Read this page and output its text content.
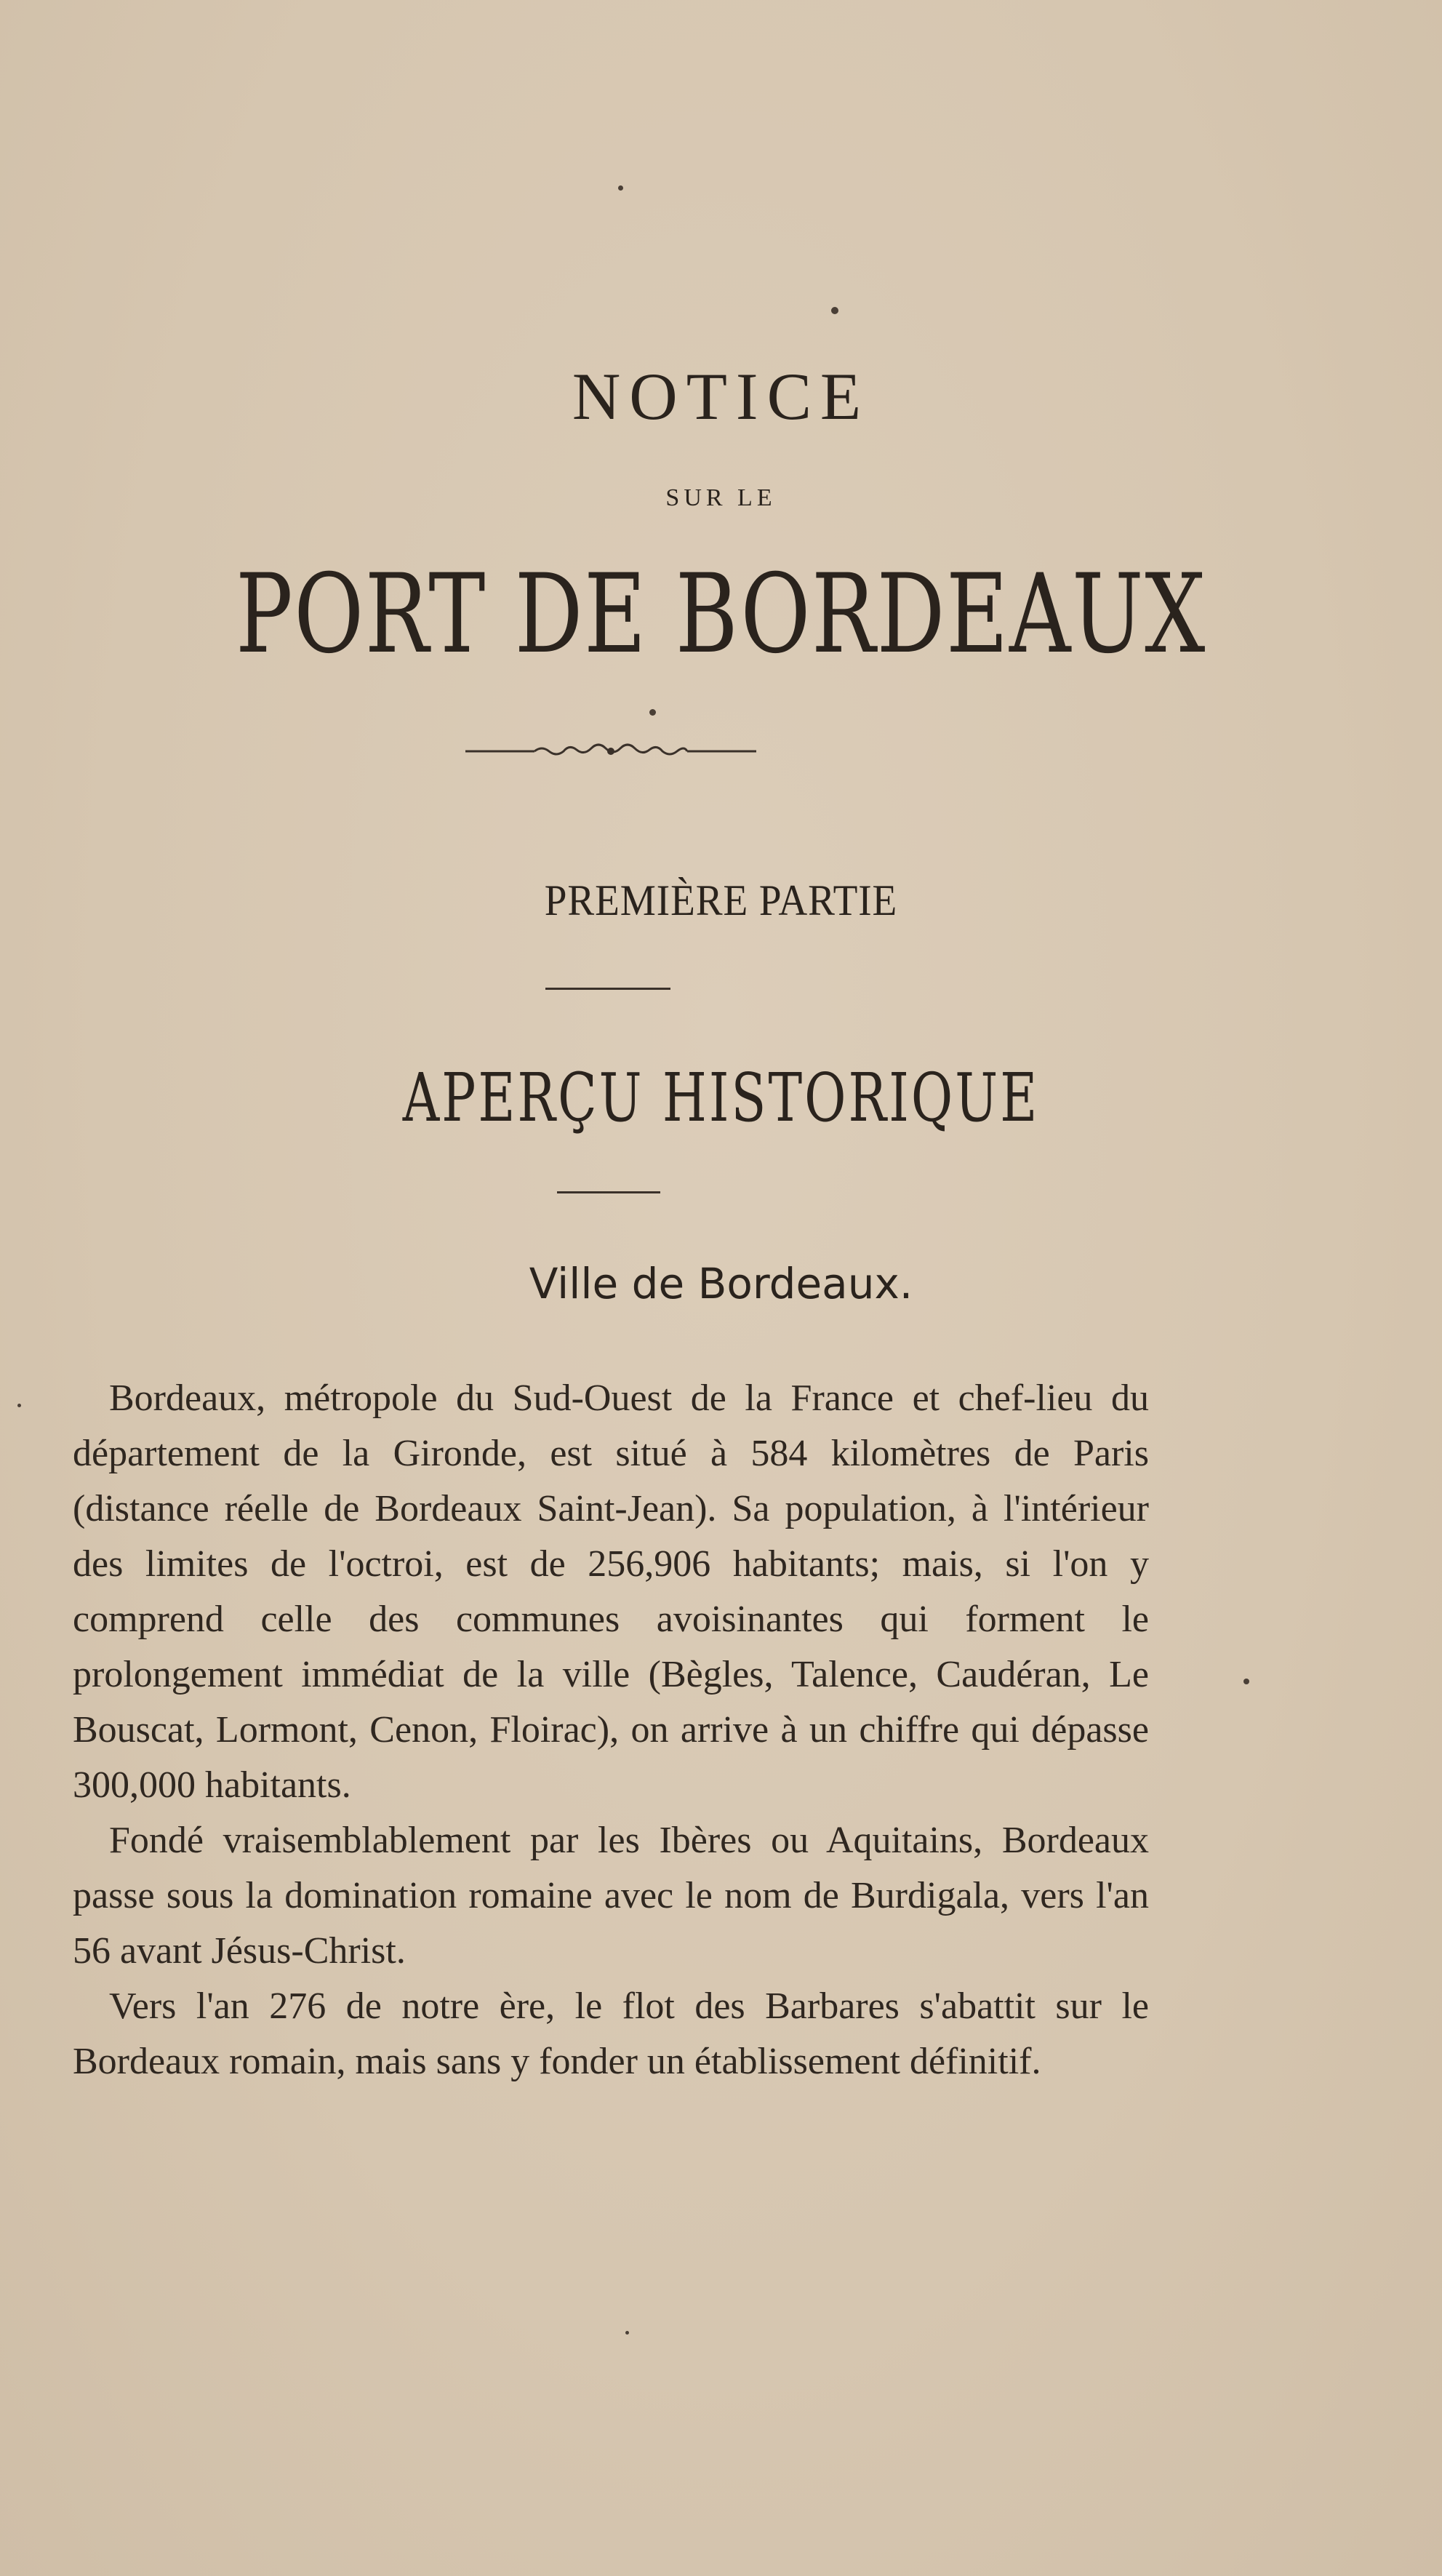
NOTICE
SUR LE
PORT DE BORDEAUX
PREMIÈRE PARTIE
APERÇU HISTORIQUE
Ville de Bordeaux.

Bordeaux, métropole du Sud-Ouest de la France et chef-lieu du département de la Gironde, est situé à 584 kilomètres de Paris (distance réelle de Bordeaux Saint-Jean). Sa population, à l'intérieur des limites de l'octroi, est de 256,906 habitants; mais, si l'on y comprend celle des communes avoisinantes qui forment le prolongement immédiat de la ville (Bègles, Talence, Caudéran, Le Bouscat, Lormont, Cenon, Floirac), on arrive à un chiffre qui dépasse 300,000 habitants.

Fondé vraisemblablement par les Ibères ou Aquitains, Bordeaux passe sous la domination romaine avec le nom de Burdigala, vers l'an 56 avant Jésus-Christ.

Vers l'an 276 de notre ère, le flot des Barbares s'abattit sur le Bordeaux romain, mais sans y fonder un établissement définitif.
